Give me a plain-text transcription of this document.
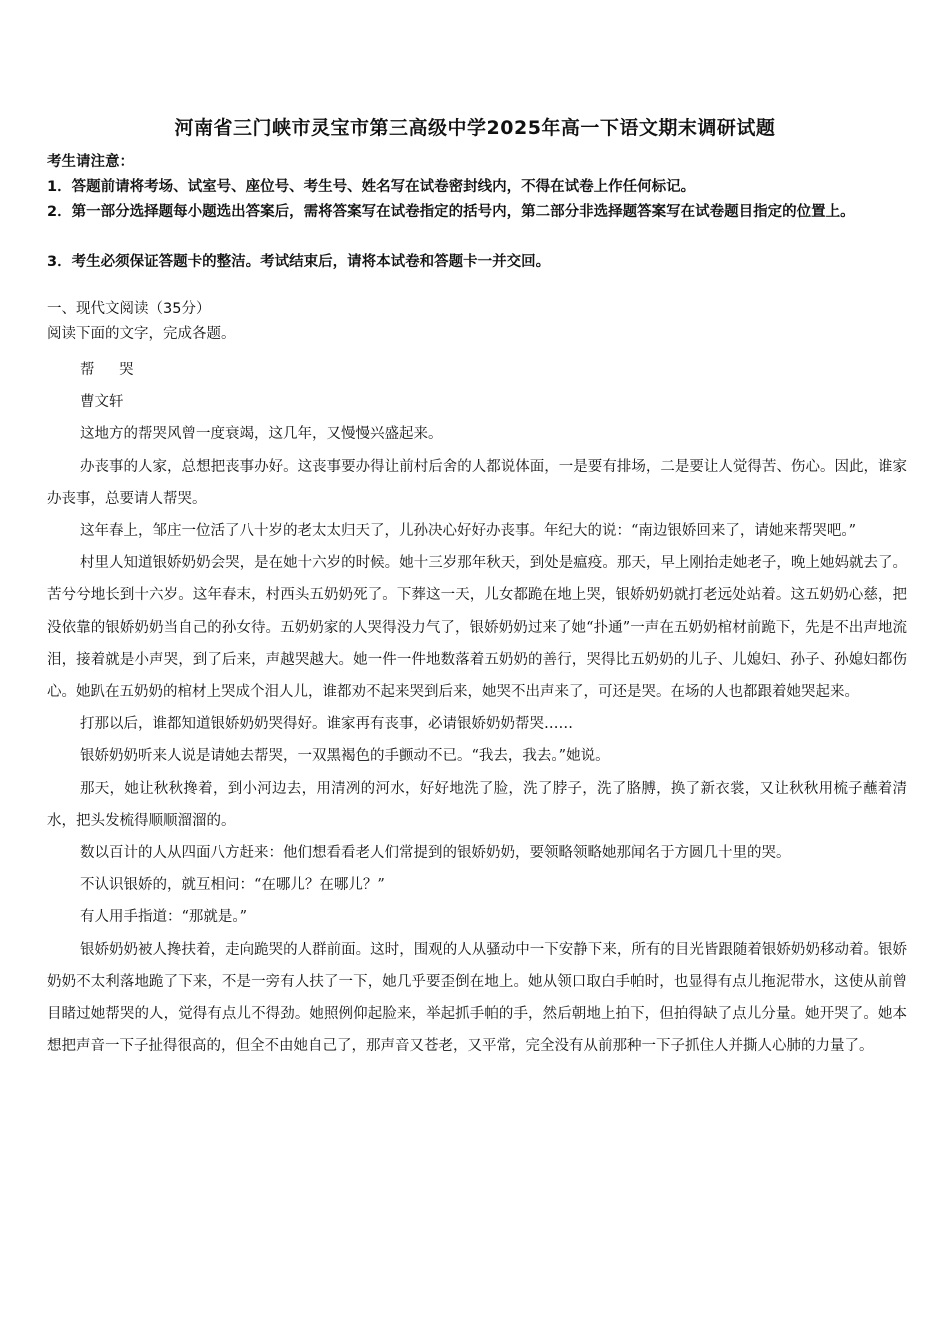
河南省三门峡市灵宝市第三高级中学2025年高一下语文期末调研试题
考生请注意：
1．答题前请将考场、试室号、座位号、考生号、姓名写在试卷密封线内，不得在试卷上作任何标记。
2．第一部分选择题每小题选出答案后，需将答案写在试卷指定的括号内，第二部分非选择题答案写在试卷题目指定的位置上。
3．考生必须保证答题卡的整洁。考试结束后，请将本试卷和答题卡一并交回。
一、现代文阅读（35分）
阅读下面的文字，完成各题。

帮 哭

曹文轩

这地方的帮哭风曾一度衰竭，这几年，又慢慢兴盛起来。

办丧事的人家，总想把丧事办好。这丧事要办得让前村后舍的人都说体面，一是要有排场，二是要让人觉得苦、伤心。因此，谁家办丧事，总要请人帮哭。

这年春上，邹庄一位活了八十岁的老太太归天了，儿孙决心好好办丧事。年纪大的说：“南边银娇回来了，请她来帮哭吧。”

村里人知道银娇奶奶会哭，是在她十六岁的时候。她十三岁那年秋天，到处是瘟疫。那天，早上刚抬走她老子，晚上她妈就去了。苦兮兮地长到十六岁。这年春末，村西头五奶奶死了。下葬这一天，儿女都跪在地上哭，银娇奶奶就打老远处站着。这五奶奶心慈，把没依靠的银娇奶奶当自己的孙女待。五奶奶家的人哭得没力气了，银娇奶奶过来了她“扑通”一声在五奶奶棺材前跪下，先是不出声地流泪，接着就是小声哭，到了后来，声越哭越大。她一件一件地数落着五奶奶的善行，哭得比五奶奶的儿子、儿媳妇、孙子、孙媳妇都伤心。她趴在五奶奶的棺材上哭成个泪人儿，谁都劝不起来哭到后来，她哭不出声来了，可还是哭。在场的人也都跟着她哭起来。

打那以后，谁都知道银娇奶奶哭得好。谁家再有丧事，必请银娇奶奶帮哭……

银娇奶奶听来人说是请她去帮哭，一双黑褐色的手颤动不已。“我去，我去。”她说。

那天，她让秋秋搀着，到小河边去，用清冽的河水，好好地洗了脸，洗了脖子，洗了胳膊，换了新衣裳，又让秋秋用梳子蘸着清水，把头发梳得顺顺溜溜的。

数以百计的人从四面八方赶来：他们想看看老人们常提到的银娇奶奶，要领略领略她那闻名于方圆几十里的哭。

不认识银娇的，就互相问：“在哪儿？在哪儿？”

有人用手指道：“那就是。”

银娇奶奶被人搀扶着，走向跪哭的人群前面。这时，围观的人从骚动中一下安静下来，所有的目光皆跟随着银娇奶奶移动着。银娇奶奶不太利落地跪了下来，不是一旁有人扶了一下，她几乎要歪倒在地上。她从领口取白手帕时，也显得有点儿拖泥带水，这使从前曾目睹过她帮哭的人，觉得有点儿不得劲。她照例仰起脸来，举起抓手帕的手，然后朝地上拍下，但拍得缺了点儿分量。她开哭了。她本想把声音一下子扯得很高的，但全不由她自己了，那声音又苍老，又平常，完全没有从前那种一下子抓住人并撕人心肺的力量了。
